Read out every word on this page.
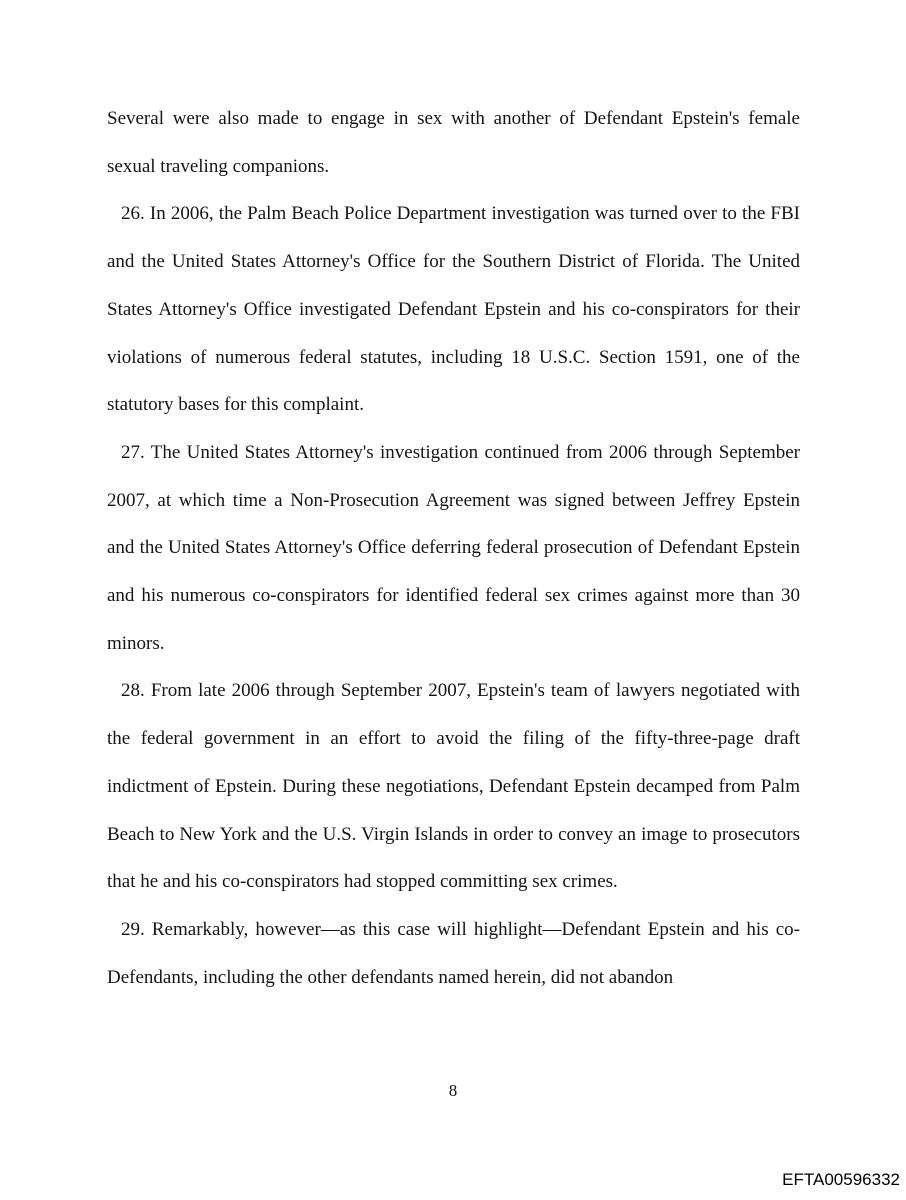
Several were also made to engage in sex with another of Defendant Epstein's female sexual traveling companions.

26. In 2006, the Palm Beach Police Department investigation was turned over to the FBI and the United States Attorney's Office for the Southern District of Florida. The United States Attorney's Office investigated Defendant Epstein and his co-conspirators for their violations of numerous federal statutes, including 18 U.S.C. Section 1591, one of the statutory bases for this complaint.

27. The United States Attorney's investigation continued from 2006 through September 2007, at which time a Non-Prosecution Agreement was signed between Jeffrey Epstein and the United States Attorney's Office deferring federal prosecution of Defendant Epstein and his numerous co-conspirators for identified federal sex crimes against more than 30 minors.

28. From late 2006 through September 2007, Epstein's team of lawyers negotiated with the federal government in an effort to avoid the filing of the fifty-three-page draft indictment of Epstein. During these negotiations, Defendant Epstein decamped from Palm Beach to New York and the U.S. Virgin Islands in order to convey an image to prosecutors that he and his co-conspirators had stopped committing sex crimes.

29. Remarkably, however—as this case will highlight—Defendant Epstein and his co-Defendants, including the other defendants named herein, did not abandon

8
EFTA00596332
